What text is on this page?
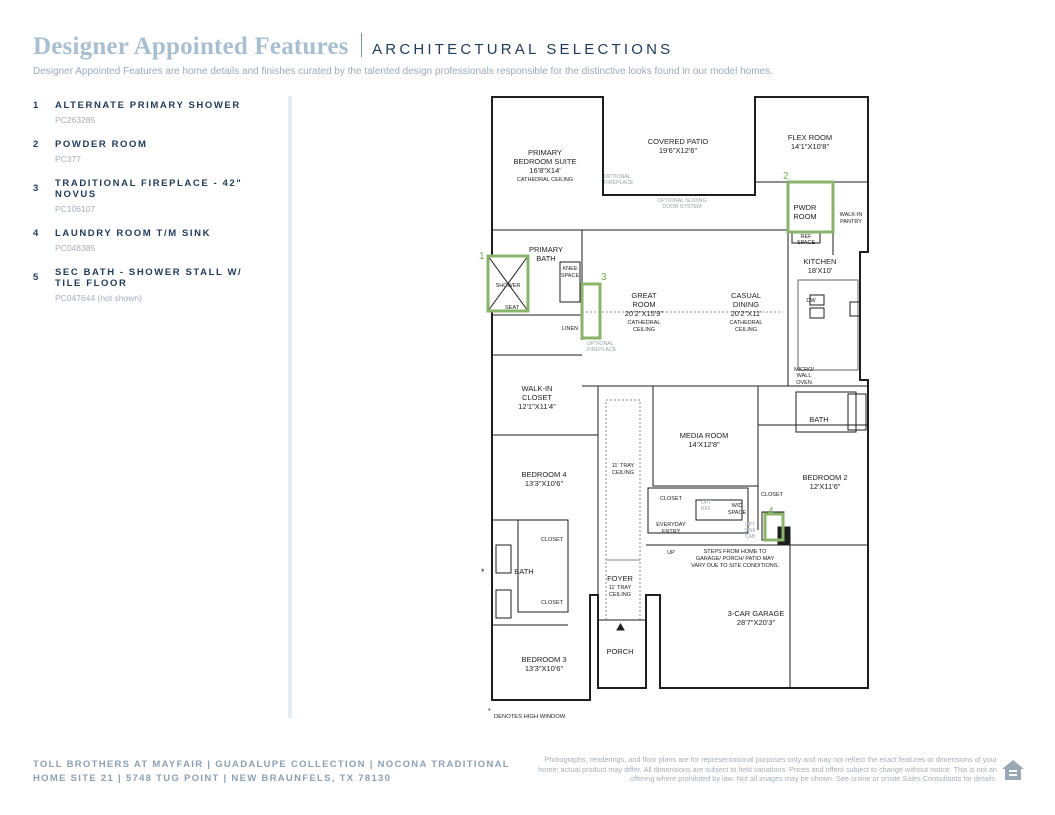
Designer Appointed Features ARCHITECTURAL SELECTIONS
Designer Appointed Features are home details and finishes curated by the talented design professionals responsible for the distinctive looks found in our model homes.
1	ALTERNATE PRIMARY SHOWER
PC263285
2	POWDER ROOM
PC377
3	TRADITIONAL FIREPLACE - 42" NOVUS
PC106107
4	LAUNDRY ROOM T/M SINK
PC048385
5	SEC BATH - SHOWER STALL W/ TILE FLOOR
PC047644 (not shown)
1
2
3
4
PRIMARY
BEDROOM SUITE
16'8"X14'
CATHEDRAL CEILING
COVERED PATIO
19'6"X12'6"
FLEX ROOM
14'1"X10'8"
PRIMARY
BATH
KNEE
SPACE
SHOWER
SEAT
LINEN
GREAT
ROOM
20'2"X15'9"
CATHEDRAL
CEILING
CASUAL
DINING
20'2"X11'
CATHEDRAL
CEILING
PWDR
ROOM	WALK-IN
PANTRY
REF
SPACE
KITCHEN
18'X10'
DW
MICRO/
WALL
OVEN
WALK-IN
CLOSET
12'1"X11'4"
BATH
MEDIA ROOM
14'X12'8"
11' TRAY
CEILING
BEDROOM 4
13'3"X10'6"
BEDROOM 2
12'X11'6"
CLOSET
CLOSET
CLOSET
CLOSET
OPT
REF	W/D
SPACE
OPT
SINK
CAB
EVERYDAY
ENTRY
UP	STEPS FROM HOME TO
GARAGE/ PORCH/ PATIO MAY
VARY DUE TO SITE CONDITIONS.
BATH
FOYER
11' TRAY
CEILING
3-CAR GARAGE
28'7"X20'3"
PORCH
BEDROOM 3
13'3"X10'6"
OPTIONAL
FIREPLACE
OPTIONAL SLIDING
DOOR SYSTEM
OPTIONAL
FIREPLACE
*
*
DENOTES HIGH WINDOW
TOLL BROTHERS AT MAYFAIR | GUADALUPE COLLECTION | NOCONA TRADITIONAL
HOME SITE 21 | 5748 TUG POINT | NEW BRAUNFELS, TX 78130
Photographs, renderings, and floor plans are for representational purposes only and may not reflect the exact features or dimensions of your home; actual product may differ. All dimensions are subject to field variations. Prices and offers subject to change without notice. This is not an offering where prohibited by law. Not all images may be shown. See online or onsite Sales Consultants for details.
